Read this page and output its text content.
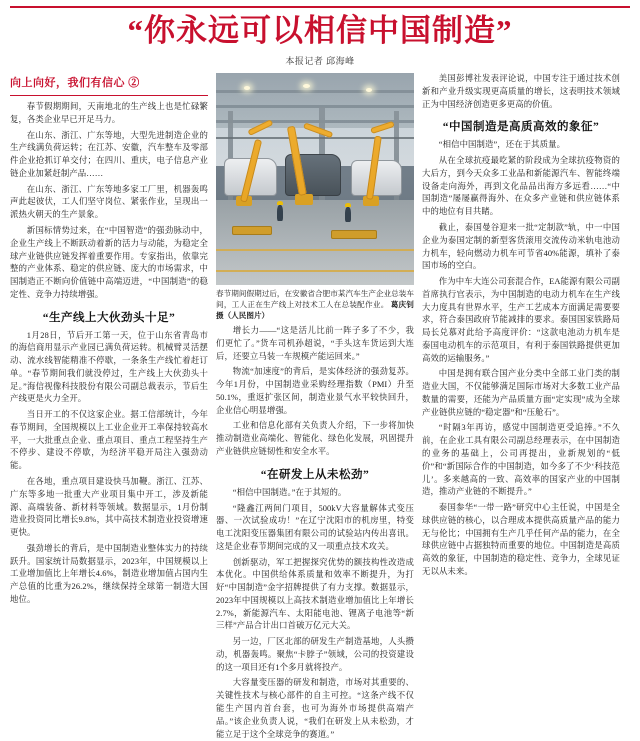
“你永远可以相信中国制造”
本报记者 邱海峰
向上向好，我们有信心 ②

春节假期期间，天南地北的生产线上也是忙碌繁复，各类企业早已开足马力。

在山东、浙江、广东等地，大型先进制造企业的生产线满负荷运转；在江苏、安徽，汽车整车及零部件企业抢抓订单交付；在四川、重庆，电子信息产业链企业加紧赶制产品……

在山东、浙江、广东等地多家工厂里，机器轰鸣声此起彼伏，工人们坚守岗位、紧张作业，呈现出一派热火朝天的生产景象。

新国标情势过来，在“中国智造”的强劲脉动中，企业生产线上不断跃动着新的活力与动能，为稳定全球产业链供应链发挥着重要作用。专家指出，依靠完整的产业体系、稳定的供应链、庞大的市场需求，中国制造正不断向价值链中高端迈进，“中国制造”的稳定性、竞争力持续增强。

“生产线上大伙劲头十足”

1月28日，节后开工第一天，位于山东省青岛市的海信商用显示产业园已满负荷运转。机械臂灵活摆动、流水线智能精准不停歇，一条条生产线忙着赶订单。“春节期间我们就没停过，生产线上大伙劲头十足。”海信视像科技股份有限公司副总裁表示，节后生产线更是火力全开。

当日开工的不仅这家企业。据工信部统计，今年春节期间，全国规模以上工业企业开工率保持较高水平，一大批重点企业、重点项目、重点工程坚持生产不停步、建设不停歇，为经济平稳开局注入强劲动能。

在各地，重点项目建设快马加鞭。浙江、江苏、广东等多地一批重大产业项目集中开工，涉及新能源、高端装备、新材料等领域。数据显示，1月份制造业投资同比增长9.8%，其中高技术制造业投资增速更快。

强劲增长的背后，是中国制造业整体实力的持续跃升。国家统计局数据显示，2023年，中国规模以上工业增加值比上年增长4.6%，制造业增加值占国内生产总值的比重为26.2%，继续保持全球第一制造大国地位。

春节期间假期过后，在安徽省合肥市某汽车生产企业总装车间，工人正在生产线上对技术工人在总装配作业。 葛庆钊摄（人民图片）

增长力——“这是活儿比前一阵子多了不少，我们更忙了。”货车司机孙超说，“手头这车货运到大连后，还要立马装一车规模产能运回来。”

物流“加速度”的背后，是实体经济的强劲复苏。今年1月份，中国制造业采购经理指数（PMI）升至50.1%，重返扩张区间，制造业景气水平较快回升，企业信心明显增强。

工业和信息化部有关负责人介绍，下一步将加快推动制造业高端化、智能化、绿色化发展，巩固提升产业链供应链韧性和安全水平。

“在研发上从未松劲”

“相信中国制造。”在于其短的。

“隆鑫江两间门项目，500kV大容量解体式变压器、一次试验成功！”在辽宁沈阳市的机房里，特变电工沈阳变压器集团有限公司的试验站内传出喜讯。这是企业春节期间完成的又一项重点技术攻关。

创新驱动，军工把握探究优势的额技构性改造成本优化。中国供给体系质量和效率不断提升，为打好“中国制造”金字招牌提供了有力支撑。数据显示，2023年中国规模以上高技术制造业增加值比上年增长2.7%，新能源汽车、太阳能电池、锂离子电池等“新三样”产品合计出口首破万亿元大关。

另一边，厂区北部的研发生产制造基地，人头攒动，机器轰鸣。聚焦“卡脖子”领域，公司的投资建设的这一项目还有1个多月就将投产。

大容量变压器的研发和制造，市场对其重要的、关键性技术与核心部件的自主可控。“这条产线不仅能生产国内首台套，也可为海外市场提供高端产品。”该企业负责人说，“我们在研发上从未松劲，才能立足于这个全球竞争的赛道。”

美国彭博社发表评论说，中国专注于通过技术创新和产业升级实现更高质量的增长，这表明技术领域正为中国经济创造更多更高的价值。

“中国制造是高质高效的象征”

“相信中国制造”，还在于其质量。

从在全球抗疫最吃紧的阶段成为全球抗疫物资的大后方，到今天众多工业品和新能源汽车、智能终端设备走向海外，再到文化品品出海方多远看……“中国制造”屡屡赢得海外、在众多产业链和供应链体系中的地位有目共睹。

截止，泰国曼谷迎来一批“定制款”轨，中一中国企业为泰国定制的新型客货滚用交流传动米轨电池动力机车，轻向燃动力机车可节省40%能源，填补了泰国市场的空白。

作为中车大连公司套混合作，EA能源有限公司副首席执行官表示，为中国制造的电动力机车在生产线大力度具有世界水平，生产工艺成本方面满足需要要求，符合泰国政府节能减排的要求。泰国国家铁路局局长兑慕对此给予高度评价：“这款电池动力机车是泰国电动机车的示范项目，有利于泰国铁路提供更加高效的运输服务。”

中国是拥有联合国产业分类中全部工业门类的制造业大国，不仅能够满足国际市场对大多数工业产品数量的需要，还能为产品质量方面“定实现”成为全球产业链供应链的“稳定器”和“压舱石”。

“时隔3年再访，感觉中国制造更受追捧。”不久前，在企业工具有限公司副总经理表示，在中国制造的业务的基础上，公司再提出，业新规划的“低价”和“新国际合作的中国制造，如今多了不少‘科技范儿’。多来越高的一致、高效率的国家产业的中国制造，推动产业链的不断提升。”

泰国参华“一带一路”研究中心主任说，中国是全球供应链的核心，以合理成本提供高质量产品的能力无与伦比；中国拥有生产几乎任何产品的能力，在全球供应链中占据独特而重要的地位。中国制造是高质高效的象征，中国制造的稳定性、竞争力，全球见证无以从未来。
